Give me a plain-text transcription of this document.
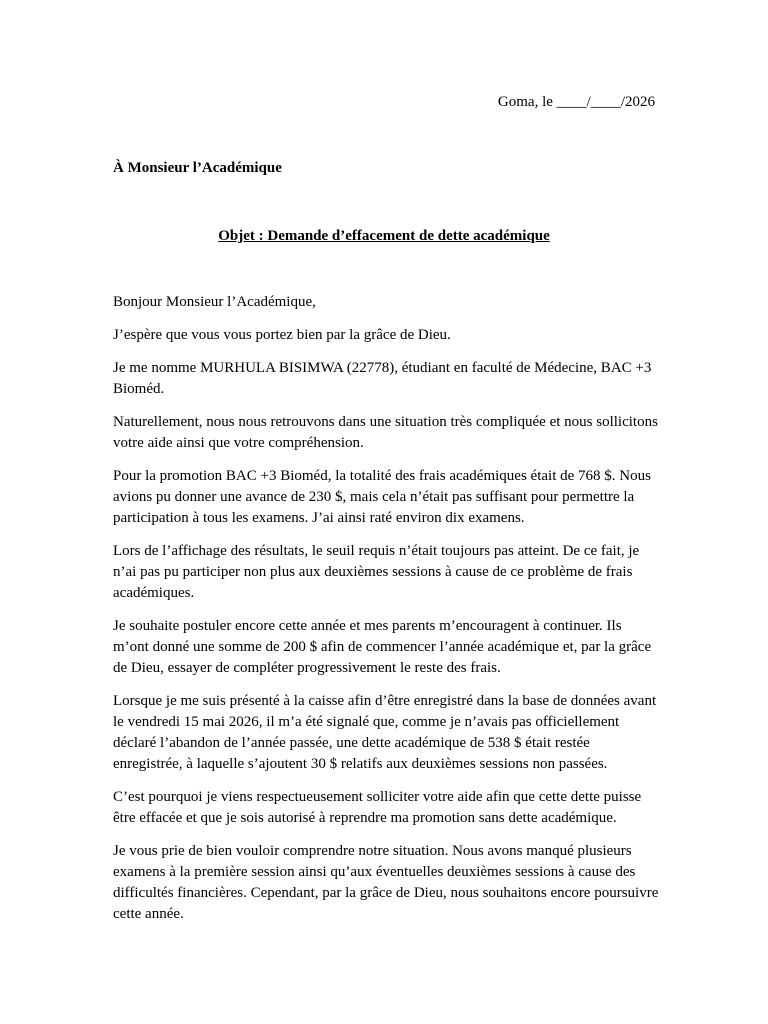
Goma, le ____/____/2026
À Monsieur l’Académique
Objet : Demande d’effacement de dette académique

Bonjour Monsieur l’Académique,

J’espère que vous vous portez bien par la grâce de Dieu.

Je me nomme MURHULA BISIMWA (22778), étudiant en faculté de Médecine, BAC +3 Bioméd.

Naturellement, nous nous retrouvons dans une situation très compliquée et nous sollicitons votre aide ainsi que votre compréhension.

Pour la promotion BAC +3 Bioméd, la totalité des frais académiques était de 768 $. Nous avions pu donner une avance de 230 $, mais cela n’était pas suffisant pour permettre la participation à tous les examens. J’ai ainsi raté environ dix examens.

Lors de l’affichage des résultats, le seuil requis n’était toujours pas atteint. De ce fait, je n’ai pas pu participer non plus aux deuxièmes sessions à cause de ce problème de frais académiques.

Je souhaite postuler encore cette année et mes parents m’encouragent à continuer. Ils m’ont donné une somme de 200 $ afin de commencer l’année académique et, par la grâce de Dieu, essayer de compléter progressivement le reste des frais.

Lorsque je me suis présenté à la caisse afin d’être enregistré dans la base de données avant le vendredi 15 mai 2026, il m’a été signalé que, comme je n’avais pas officiellement déclaré l’abandon de l’année passée, une dette académique de 538 $ était restée enregistrée, à laquelle s’ajoutent 30 $ relatifs aux deuxièmes sessions non passées.

C’est pourquoi je viens respectueusement solliciter votre aide afin que cette dette puisse être effacée et que je sois autorisé à reprendre ma promotion sans dette académique.

Je vous prie de bien vouloir comprendre notre situation. Nous avons manqué plusieurs examens à la première session ainsi qu’aux éventuelles deuxièmes sessions à cause des difficultés financières. Cependant, par la grâce de Dieu, nous souhaitons encore poursuivre cette année.
